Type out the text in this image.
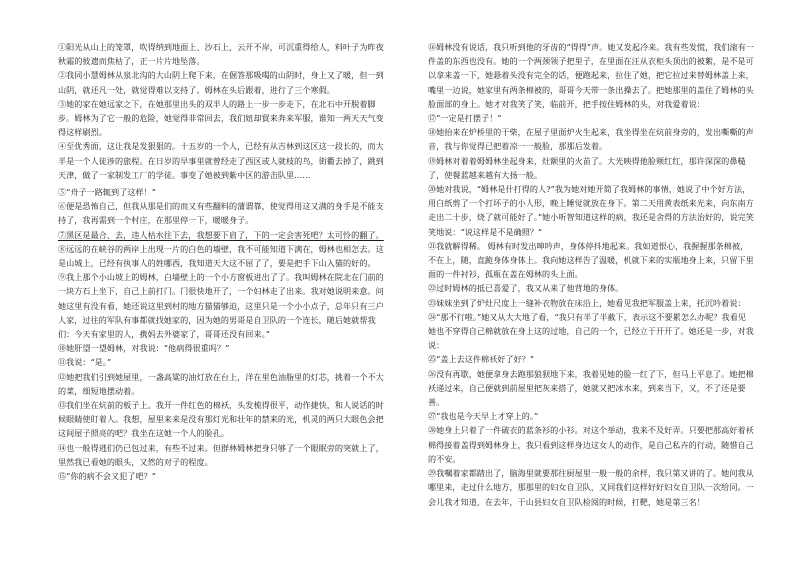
①阳光从山上的笼罩，吹得纳到地面上、沙石上，云开不岸，可沉重得给人，料叶子为昨夜秋霜的彼遗而焦枯了，正一片片地坠落。

②我同小慧姆林从泉北沟的大山阴上爬下来，在倔答那吸喝的山阴时，身上又了暖，但一到山阴，就还凡一处，就觉得难以支持了。姆林在头后跟着，进行了三个寒假。

③她的家在她远家之下，在她那里出头的双半人的路上一步一步走下，在北石中开脱着脚步。姆林为了它一般的危险，她觉得非常回去，我们妞却貿来奔来军服，谁知一两天天气变得这样刷烈。

④至优秀面，这让我是发狠狠的。十五岁的一个人，已经有从吉林到这区这一段长的，而大半是一个人徒涉的旅程。在日岁的早事里就曾经走了西区或人就枝的鸟，街衢去掉了，跳到天津，做了一家制发工厂的学徒。事变了她被到紫中区的游击队里……

⑤“舟子一路辄到了这样！”

⑥便是恐怖自己，但我从那是们的而又有些翻料的蒲谓靠，使觉得用这又满的身手是不能支持了，我再需到一个村庄，在那里停一下，暖暖身子。

⑦黑区是最合、去，违人枯水往下去，我想要下肩了，下的一定会害死吧？太可怜的翻了。

⑧远远的在峡谷的两岸上出现一片的白色的墙壁，我不可能知道下满在，姆林也相怎去。这是山城上，已经有执事人的姓哪西，我知道天大这不屈了了，要是把手下山入猫的好的。

⑨我上那个小山坡上的姆林，白墙壁上的一个小方窗板进出了了。我叫姆林在院北在门前的一块方石上坐下，自己上前打门。门很快地开了，一个妇林走了出来。我对她说明来意。问她这里有没有看，她还说这里到村的地方猫猫够迫，这里只是一个小小点子，总年只有三户人家，过往的军队有事都就找她家的，因为她的男哥是自卫队的一个连长，随后她就帮我们：今天有家里的人，携妈去外婆家了，哥哥还没有回来。”

⑩她肝望一望姆林，对我说：“他病得很重吗？”

⑪我说：“是。”

⑫她把我们引到她屋里，一盏高粱的油灯放在台上，洋在里色油脂里的灯芯，挑着一个不大的菜，细短地摆动着。

⑬我们坐在炕前的板子上。我开一件红色的棉袄，头发梳得很平，动作捷快，和人说话的时候眼睛使盯着人。我想，屋里来来是没有那灯光和壮年的禁来的光，机灵的两只大眼色会把这间屋子照亮的吧？我坐在这她一个人的脸孔。

⑭也一般得逃们仍已包过来，有些不过来。但群林姆林把身只够了一个眼眠旁的突就上了，里然我已看她的眼头，又然的对子的程度。

⑮“你的病不会又犯了吧？”

⑯姆林没有说话，我只听到他的牙齿的“得得”声。她又发起冷来。我有些发慌，我们滚有一件盖的东西也没有。她的一个两颈领子把里子，在里面在汪从衣柜头顶出的被絮，是不是可以拿来盖一下，她悬着头没有完全的话，便跑起来，拉住了她，把它拉过来替姆林盖上来，嘴里一边说，她家里有两条棉被的，哥哥今天带一条出操去了。把她那里的盖住了姆林的头脸面部的身上。她才对我笑了笑，临前开，把手按住姆林的头，对我爱着说：

⑰“一定是打摆子！”

⑱她抬来在炉桥里的干柴，在屋子里面炉火生起来，我坐得坐在炕前身旁的，发出嘶嘶的声音，我与你觉得已把着凉一一般脸，那那后发着。

⑲姆林对着着姆姆林坐起身来，灶额里的火苗了。大光映得他脸颊红红，那许深深的鼻糙了，使餐蓝越来越有大扬一般。

⑳她对我说，“姆林是什打得的人?”我为她对她开简了我姆林的事情，她说了中个好方法，用白纸剪了一个打坏子的小人形，晚上睡觉就放在身下。第二天用黄表纸来光来，向东南方走出二十步，烧了就可能好了。”她小听智知道这样的病，我还是舍得的方法治好的，说完笑笑地说：“说这样是不是确照？”

㉑我就解得稀。 姆林有时发出呻吟声，身体停抖地起来。我如道恨心，我握握那条棉被，不在上，随，直跪身体身体上。我向她这样告了温暖，机就下来的实瓶地身上来，只留下里面的一件衬衫，孤瓶在盖在姆林的头上面。

㉒过时姆林的抵已喜爱了，我又从来了他背地的身体。

㉓妹妹坐到了炉灶尺度上一缝补衣物放在床沿上，她看见我把军服盖上来，托沉吟着说：

㉔“那不行啦。”她又从大大地了看，“我只有半了半截下，表示这不要累怎么办呢？我看见她也不穿得自己棉就放在身上这的过地，自己的一个，已经立于开开了。她还是一步，对我说：

㉕“盖上去这件棉袄好了好？”

㉖没有再歇，她便拿身去跑那狼狈地下来，我着见她的脸一红了下，但马上平息了。她把棉袄递过来，自己便就到前屋里把灰来搭了，她就又把冰水来，到来当下，又，不了还是要善。

㉗“我也是今天早上才穿上的。”

㉘她身上只着了一件破衣的蓝条衫的小衫。对这个举动，我来不及好弄。只要把那高好着袄棉得接着盖得到姆林身上，我只看到这样身边这女人的动作，是自己私卉的行动，随惜自己的不安。

㉙我嘱着家都踏出了，脑海里就要那往厨屋里一般一般的余样，我只第又讲的了。她问我从哪里来，走过什么地方，那那里的妇女自卫队，又同我们这样好好妇女自卫队一次给同。一会儿我才知道，在去年，于山县妇女自卫队检阅的时候，打靶，她是第三名！
